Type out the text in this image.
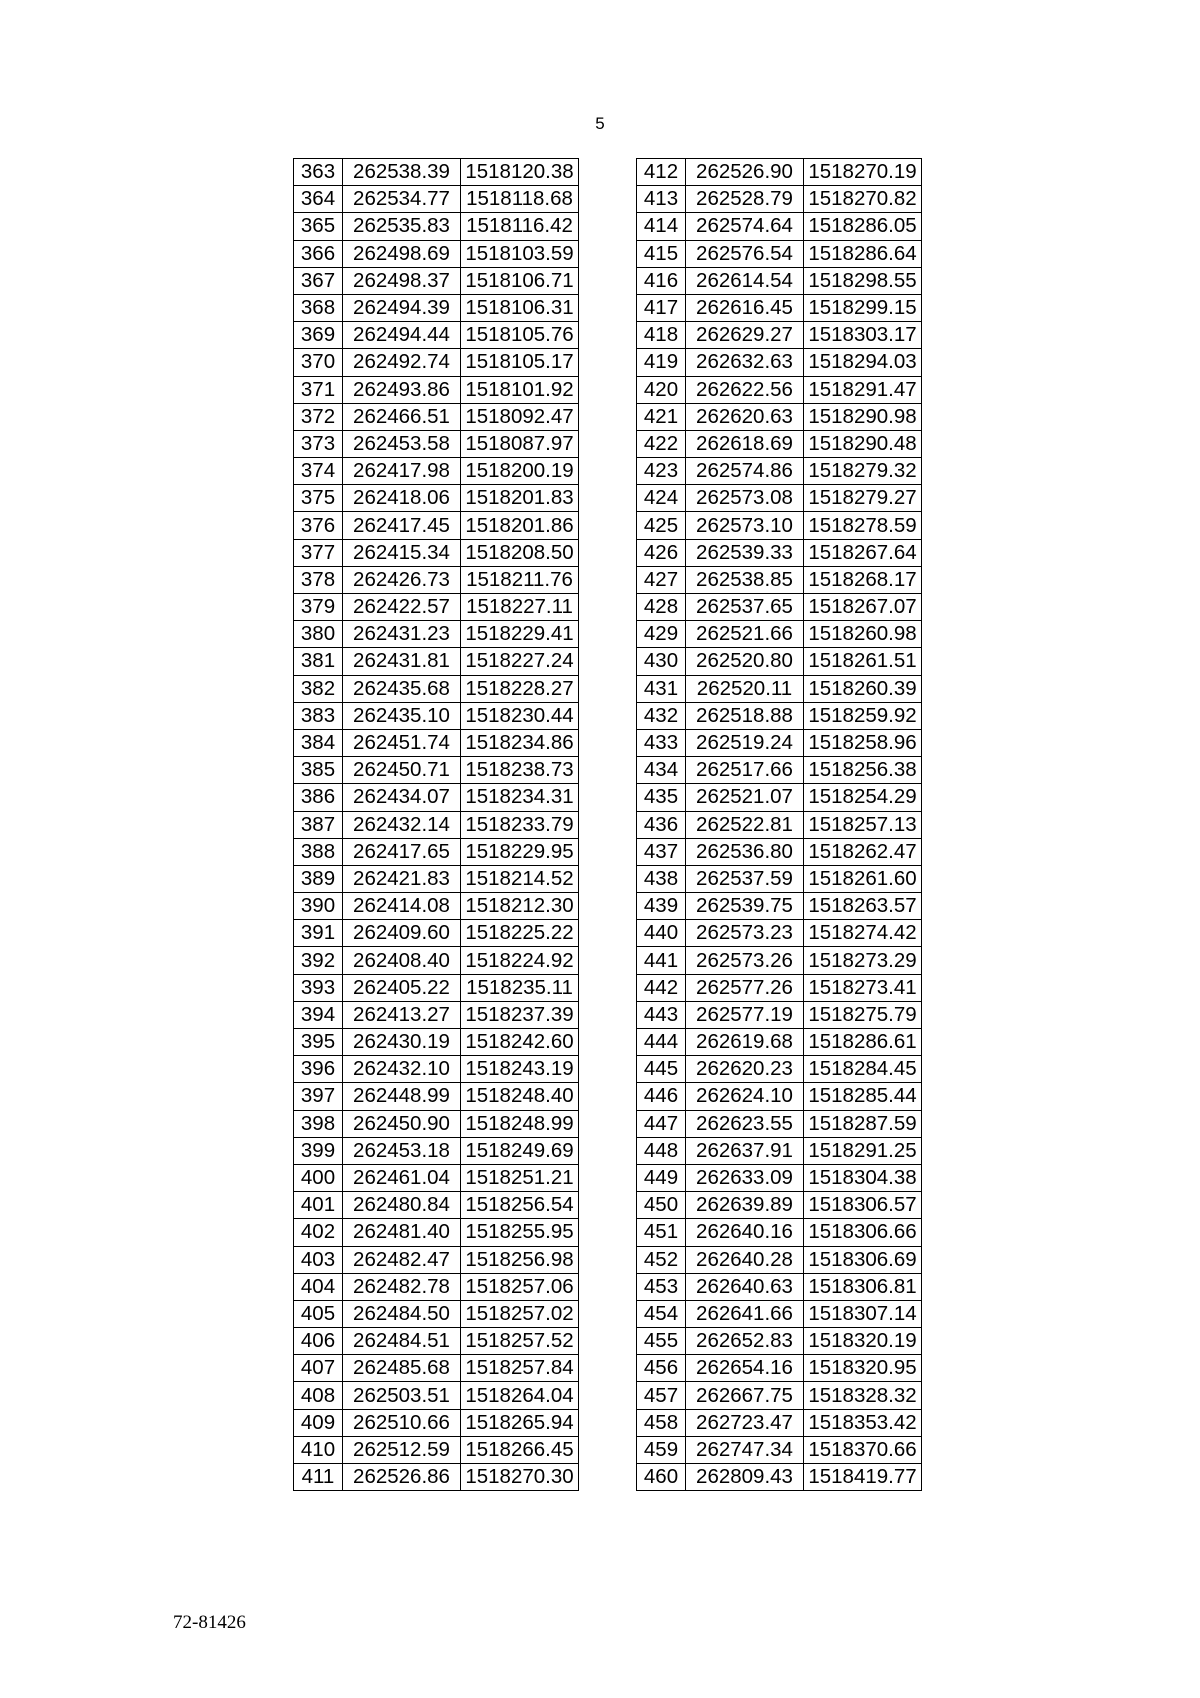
5
363	262538.39	1518120.38
364	262534.77	1518118.68
365	262535.83	1518116.42
366	262498.69	1518103.59
367	262498.37	1518106.71
368	262494.39	1518106.31
369	262494.44	1518105.76
370	262492.74	1518105.17
371	262493.86	1518101.92
372	262466.51	1518092.47
373	262453.58	1518087.97
374	262417.98	1518200.19
375	262418.06	1518201.83
376	262417.45	1518201.86
377	262415.34	1518208.50
378	262426.73	1518211.76
379	262422.57	1518227.11
380	262431.23	1518229.41
381	262431.81	1518227.24
382	262435.68	1518228.27
383	262435.10	1518230.44
384	262451.74	1518234.86
385	262450.71	1518238.73
386	262434.07	1518234.31
387	262432.14	1518233.79
388	262417.65	1518229.95
389	262421.83	1518214.52
390	262414.08	1518212.30
391	262409.60	1518225.22
392	262408.40	1518224.92
393	262405.22	1518235.11
394	262413.27	1518237.39
395	262430.19	1518242.60
396	262432.10	1518243.19
397	262448.99	1518248.40
398	262450.90	1518248.99
399	262453.18	1518249.69
400	262461.04	1518251.21
401	262480.84	1518256.54
402	262481.40	1518255.95
403	262482.47	1518256.98
404	262482.78	1518257.06
405	262484.50	1518257.02
406	262484.51	1518257.52
407	262485.68	1518257.84
408	262503.51	1518264.04
409	262510.66	1518265.94
410	262512.59	1518266.45
411	262526.86	1518270.30
412	262526.90	1518270.19
413	262528.79	1518270.82
414	262574.64	1518286.05
415	262576.54	1518286.64
416	262614.54	1518298.55
417	262616.45	1518299.15
418	262629.27	1518303.17
419	262632.63	1518294.03
420	262622.56	1518291.47
421	262620.63	1518290.98
422	262618.69	1518290.48
423	262574.86	1518279.32
424	262573.08	1518279.27
425	262573.10	1518278.59
426	262539.33	1518267.64
427	262538.85	1518268.17
428	262537.65	1518267.07
429	262521.66	1518260.98
430	262520.80	1518261.51
431	262520.11	1518260.39
432	262518.88	1518259.92
433	262519.24	1518258.96
434	262517.66	1518256.38
435	262521.07	1518254.29
436	262522.81	1518257.13
437	262536.80	1518262.47
438	262537.59	1518261.60
439	262539.75	1518263.57
440	262573.23	1518274.42
441	262573.26	1518273.29
442	262577.26	1518273.41
443	262577.19	1518275.79
444	262619.68	1518286.61
445	262620.23	1518284.45
446	262624.10	1518285.44
447	262623.55	1518287.59
448	262637.91	1518291.25
449	262633.09	1518304.38
450	262639.89	1518306.57
451	262640.16	1518306.66
452	262640.28	1518306.69
453	262640.63	1518306.81
454	262641.66	1518307.14
455	262652.83	1518320.19
456	262654.16	1518320.95
457	262667.75	1518328.32
458	262723.47	1518353.42
459	262747.34	1518370.66
460	262809.43	1518419.77
72-81426
